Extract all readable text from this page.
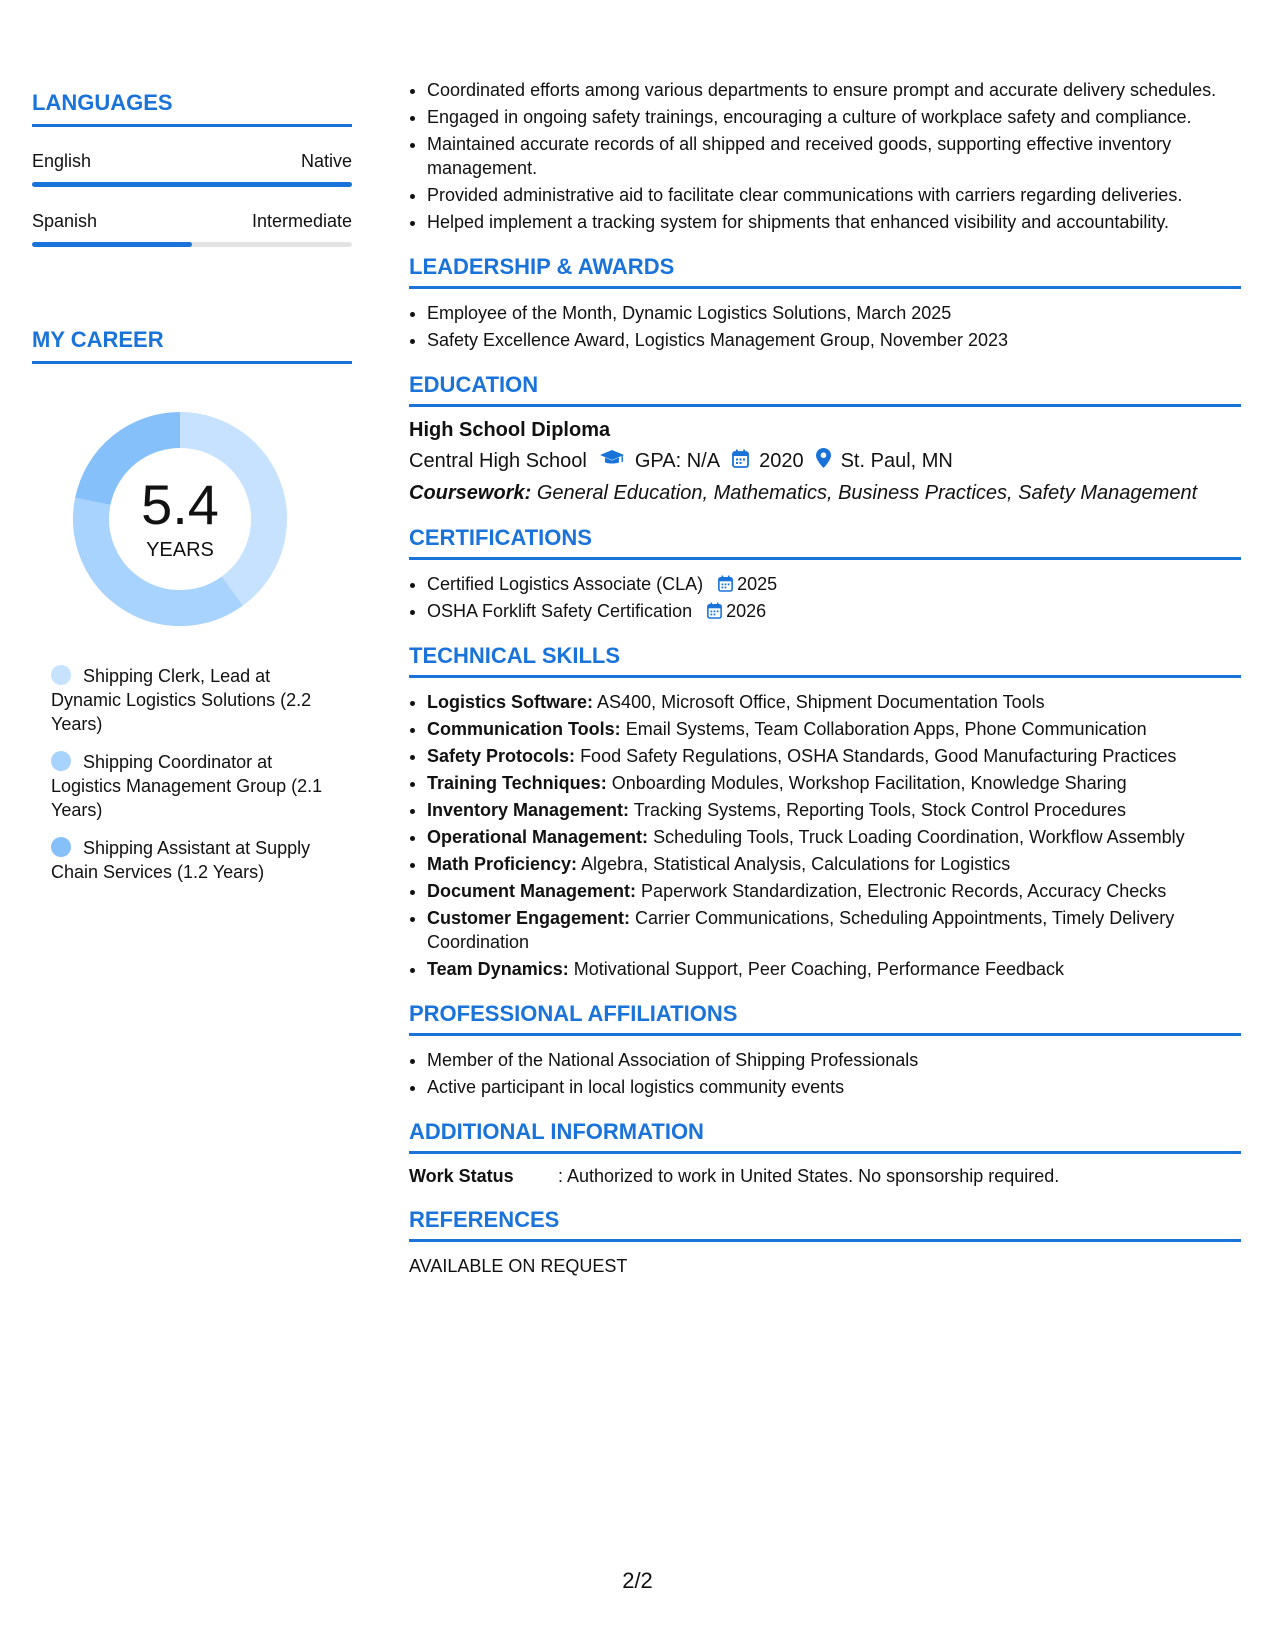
LANGUAGES
English	Native
Spanish	Intermediate
MY CAREER
5.4
YEARS
Shipping Clerk, Lead at Dynamic Logistics Solutions (2.2 Years)
Shipping Coordinator at Logistics Management Group (2.1 Years)
Shipping Assistant at Supply Chain Services (1.2 Years)
• Coordinated efforts among various departments to ensure prompt and accurate delivery schedules.
• Engaged in ongoing safety trainings, encouraging a culture of workplace safety and compliance.
• Maintained accurate records of all shipped and received goods, supporting effective inventory management.
• Provided administrative aid to facilitate clear communications with carriers regarding deliveries.
• Helped implement a tracking system for shipments that enhanced visibility and accountability.
LEADERSHIP & AWARDS
• Employee of the Month, Dynamic Logistics Solutions, March 2025
• Safety Excellence Award, Logistics Management Group, November 2023
EDUCATION
High School Diploma
Central High School GPA: N/A 2020 St. Paul, MN
Coursework: General Education, Mathematics, Business Practices, Safety Management
CERTIFICATIONS
• Certified Logistics Associate (CLA) 2025
• OSHA Forklift Safety Certification 2026
TECHNICAL SKILLS
• Logistics Software: AS400, Microsoft Office, Shipment Documentation Tools
• Communication Tools: Email Systems, Team Collaboration Apps, Phone Communication
• Safety Protocols: Food Safety Regulations, OSHA Standards, Good Manufacturing Practices
• Training Techniques: Onboarding Modules, Workshop Facilitation, Knowledge Sharing
• Inventory Management: Tracking Systems, Reporting Tools, Stock Control Procedures
• Operational Management: Scheduling Tools, Truck Loading Coordination, Workflow Assembly
• Math Proficiency: Algebra, Statistical Analysis, Calculations for Logistics
• Document Management: Paperwork Standardization, Electronic Records, Accuracy Checks
• Customer Engagement: Carrier Communications, Scheduling Appointments, Timely Delivery Coordination
• Team Dynamics: Motivational Support, Peer Coaching, Performance Feedback
PROFESSIONAL AFFILIATIONS
• Member of the National Association of Shipping Professionals
• Active participant in local logistics community events
ADDITIONAL INFORMATION
Work Status	: Authorized to work in United States. No sponsorship required.
REFERENCES
AVAILABLE ON REQUEST
2/2
